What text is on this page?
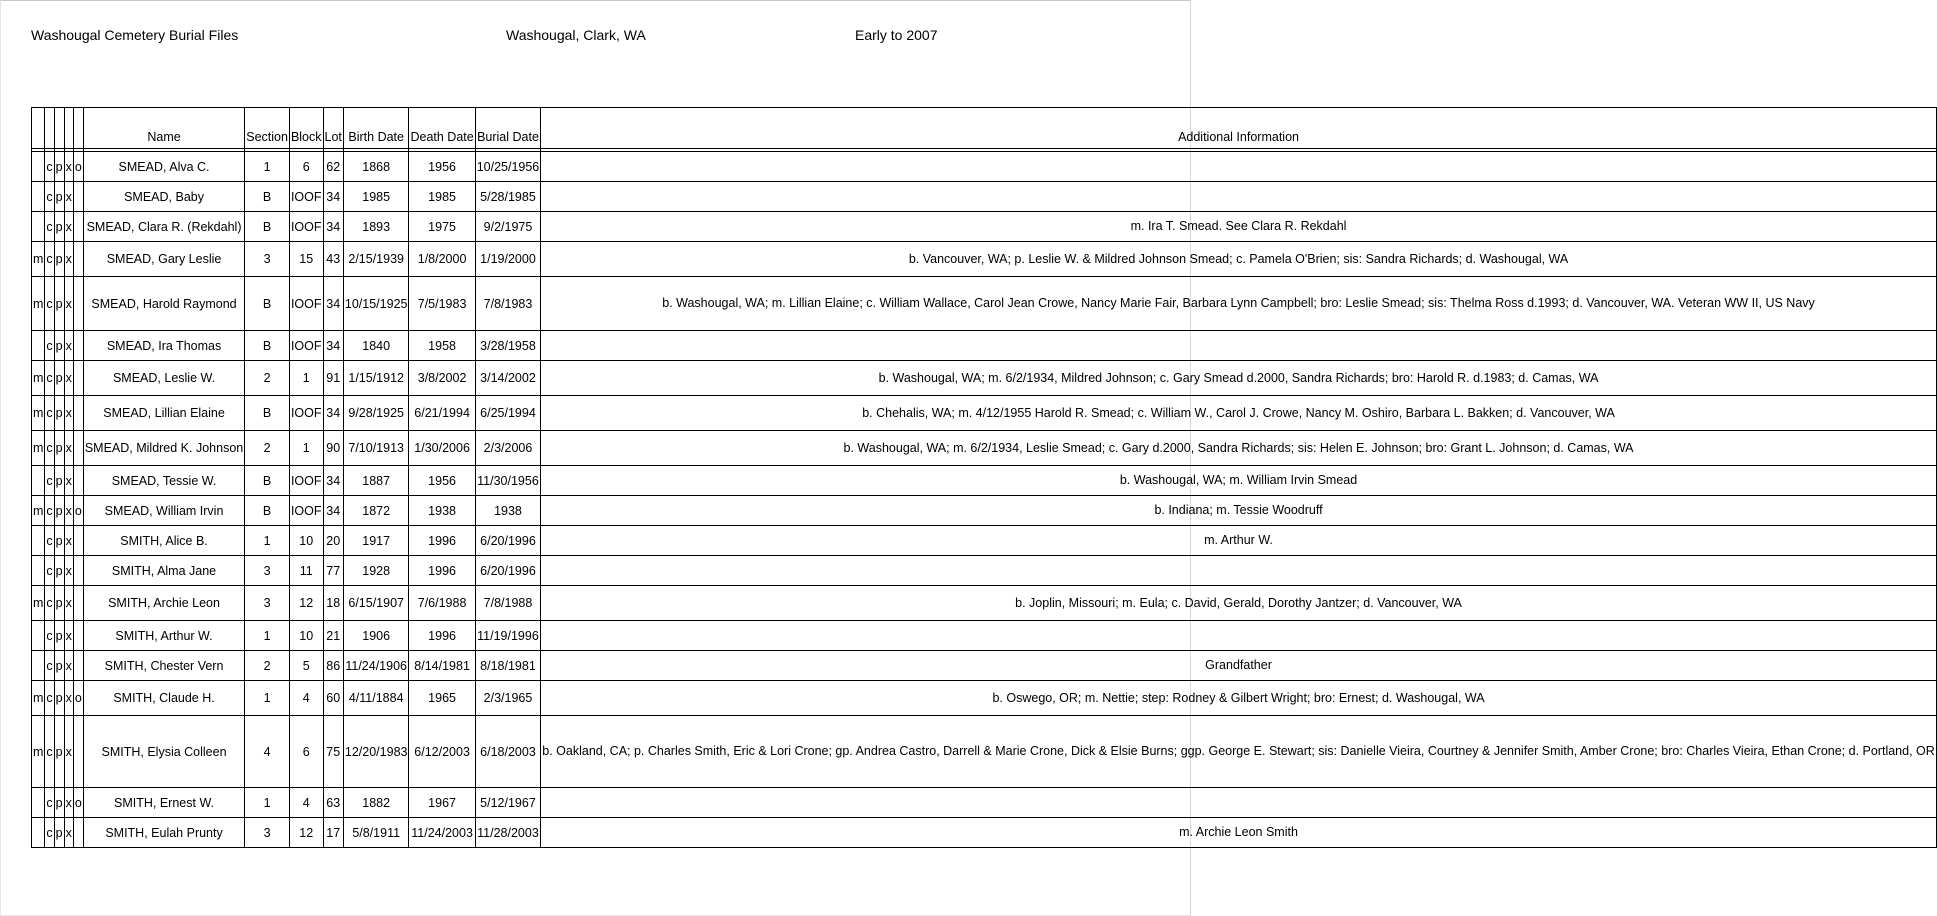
Washougal Cemetery Burial Files	Washougal, Clark, WA	Early to 2007
					Name	Section	Block	Lot	Birth Date	Death Date	Burial Date	Additional Information

	c	p	x	o	SMEAD, Alva C.	1	6	62	1868	1956	10/25/1956	
	c	p	x		SMEAD, Baby	B	IOOF	34	1985	1985	5/28/1985	
	c	p	x		SMEAD, Clara R. (Rekdahl)	B	IOOF	34	1893	1975	9/2/1975	m. Ira T. Smead. See Clara R. Rekdahl
m	c	p	x		SMEAD, Gary Leslie	3	15	43	2/15/1939	1/8/2000	1/19/2000	b. Vancouver, WA; p. Leslie W. & Mildred Johnson Smead; c. Pamela O'Brien; sis: Sandra Richards; d. Washougal, WA
m	c	p	x		SMEAD, Harold Raymond	B	IOOF	34	10/15/1925	7/5/1983	7/8/1983	b. Washougal, WA; m. Lillian Elaine; c. William Wallace, Carol Jean Crowe, Nancy Marie Fair, Barbara Lynn Campbell; bro: Leslie Smead; sis: Thelma Ross d.1993; d. Vancouver, WA. Veteran WW II, US Navy
	c	p	x		SMEAD, Ira Thomas	B	IOOF	34	1840	1958	3/28/1958	
m	c	p	x		SMEAD, Leslie W.	2	1	91	1/15/1912	3/8/2002	3/14/2002	b. Washougal, WA; m. 6/2/1934, Mildred Johnson; c. Gary Smead d.2000, Sandra Richards; bro: Harold R. d.1983; d. Camas, WA
m	c	p	x		SMEAD, Lillian Elaine	B	IOOF	34	9/28/1925	6/21/1994	6/25/1994	b. Chehalis, WA; m. 4/12/1955 Harold R. Smead; c. William W., Carol J. Crowe, Nancy M. Oshiro, Barbara L. Bakken; d. Vancouver, WA
m	c	p	x		SMEAD, Mildred K. Johnson	2	1	90	7/10/1913	1/30/2006	2/3/2006	b. Washougal, WA; m. 6/2/1934, Leslie Smead; c. Gary d.2000, Sandra Richards; sis: Helen E. Johnson; bro: Grant L. Johnson; d. Camas, WA
	c	p	x		SMEAD, Tessie W.	B	IOOF	34	1887	1956	11/30/1956	b. Washougal, WA; m. William Irvin Smead
m	c	p	x	o	SMEAD, William Irvin	B	IOOF	34	1872	1938	1938	b. Indiana; m. Tessie Woodruff
	c	p	x		SMITH, Alice B.	1	10	20	1917	1996	6/20/1996	m. Arthur W.
	c	p	x		SMITH, Alma Jane	3	11	77	1928	1996	6/20/1996	
m	c	p	x		SMITH, Archie Leon	3	12	18	6/15/1907	7/6/1988	7/8/1988	b. Joplin, Missouri; m. Eula; c. David, Gerald, Dorothy Jantzer; d. Vancouver, WA
	c	p	x		SMITH, Arthur W.	1	10	21	1906	1996	11/19/1996	
	c	p	x		SMITH, Chester Vern	2	5	86	11/24/1906	8/14/1981	8/18/1981	Grandfather
m	c	p	x	o	SMITH, Claude H.	1	4	60	4/11/1884	1965	2/3/1965	b. Oswego, OR; m. Nettie; step: Rodney & Gilbert Wright; bro: Ernest; d. Washougal, WA
m	c	p	x		SMITH, Elysia Colleen	4	6	75	12/20/1983	6/12/2003	6/18/2003	b. Oakland, CA; p. Charles Smith, Eric & Lori Crone; gp. Andrea Castro, Darrell & Marie Crone, Dick & Elsie Burns; ggp. George E. Stewart; sis: Danielle Vieira, Courtney & Jennifer Smith, Amber Crone; bro: Charles Vieira, Ethan Crone; d. Portland, OR
	c	p	x	o	SMITH, Ernest W.	1	4	63	1882	1967	5/12/1967	
	c	p	x		SMITH, Eulah Prunty	3	12	17	5/8/1911	11/24/2003	11/28/2003	m. Archie Leon Smith
